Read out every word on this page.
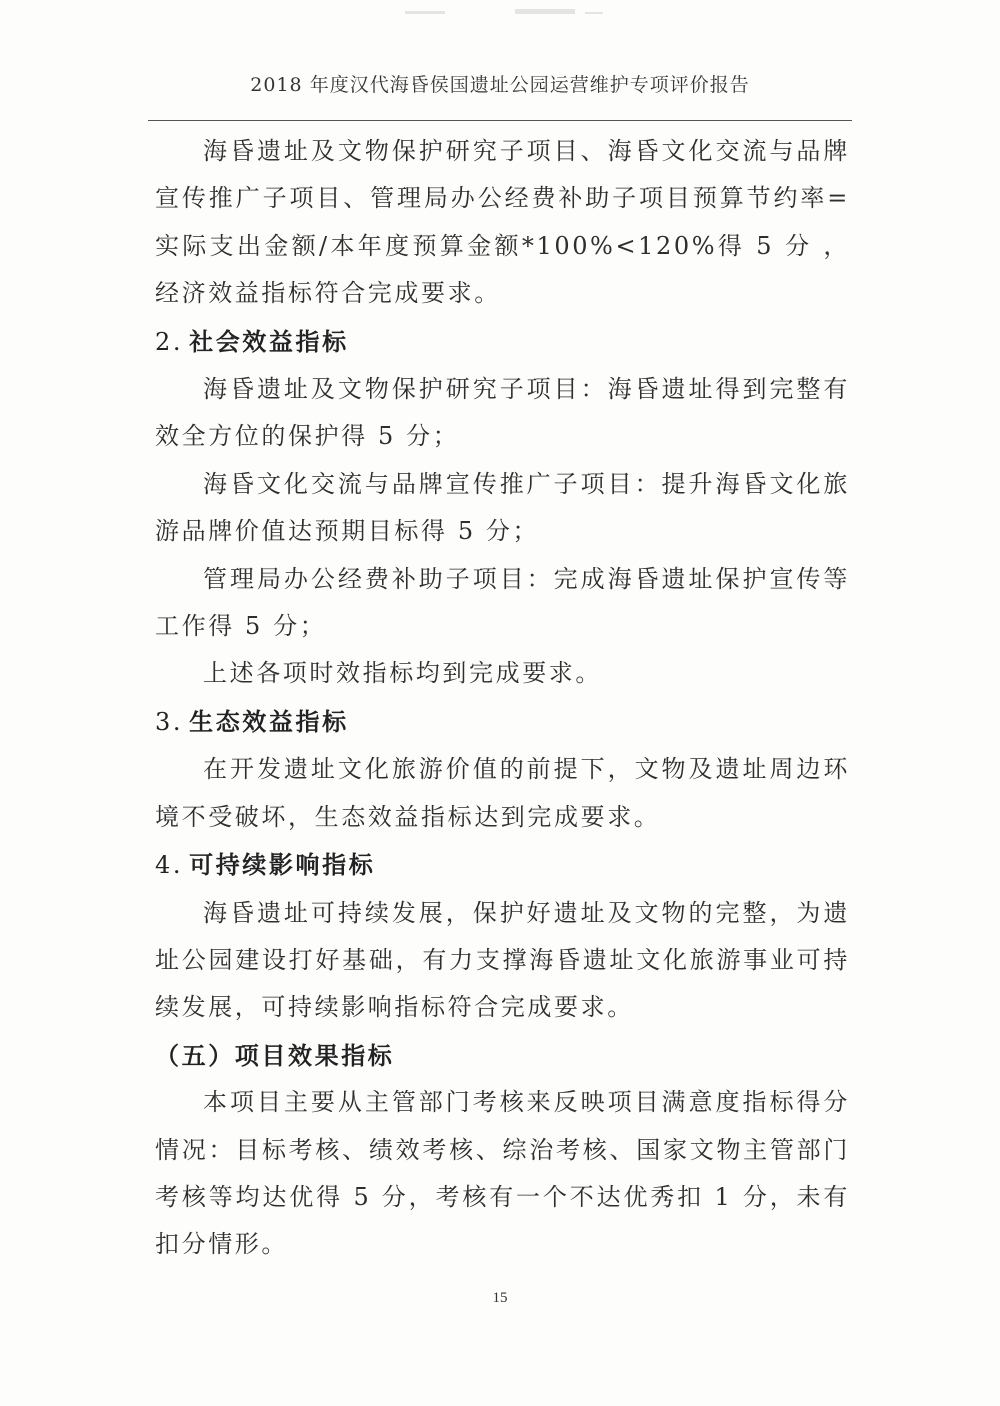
2018 年度汉代海昏侯国遗址公园运营维护专项评价报告

海昏遗址及文物保护研究子项目、海昏文化交流与品牌宣传推广子项目、管理局办公经费补助子项目预算节约率=实际支出金额/本年度预算金额*100%<120%得 5 分 ，经济效益指标符合完成要求。

2. 社会效益指标

海昏遗址及文物保护研究子项目：海昏遗址得到完整有效全方位的保护得 5 分；

海昏文化交流与品牌宣传推广子项目：提升海昏文化旅游品牌价值达预期目标得 5 分；

管理局办公经费补助子项目：完成海昏遗址保护宣传等工作得 5 分；

上述各项时效指标均到完成要求。

3. 生态效益指标

在开发遗址文化旅游价值的前提下，文物及遗址周边环境不受破坏，生态效益指标达到完成要求。

4. 可持续影响指标

海昏遗址可持续发展，保护好遗址及文物的完整，为遗址公园建设打好基础，有力支撑海昏遗址文化旅游事业可持续发展，可持续影响指标符合完成要求。

（五）项目效果指标

本项目主要从主管部门考核来反映项目满意度指标得分情况：目标考核、绩效考核、综治考核、国家文物主管部门考核等均达优得 5 分，考核有一个不达优秀扣 1 分，未有扣分情形。

15
